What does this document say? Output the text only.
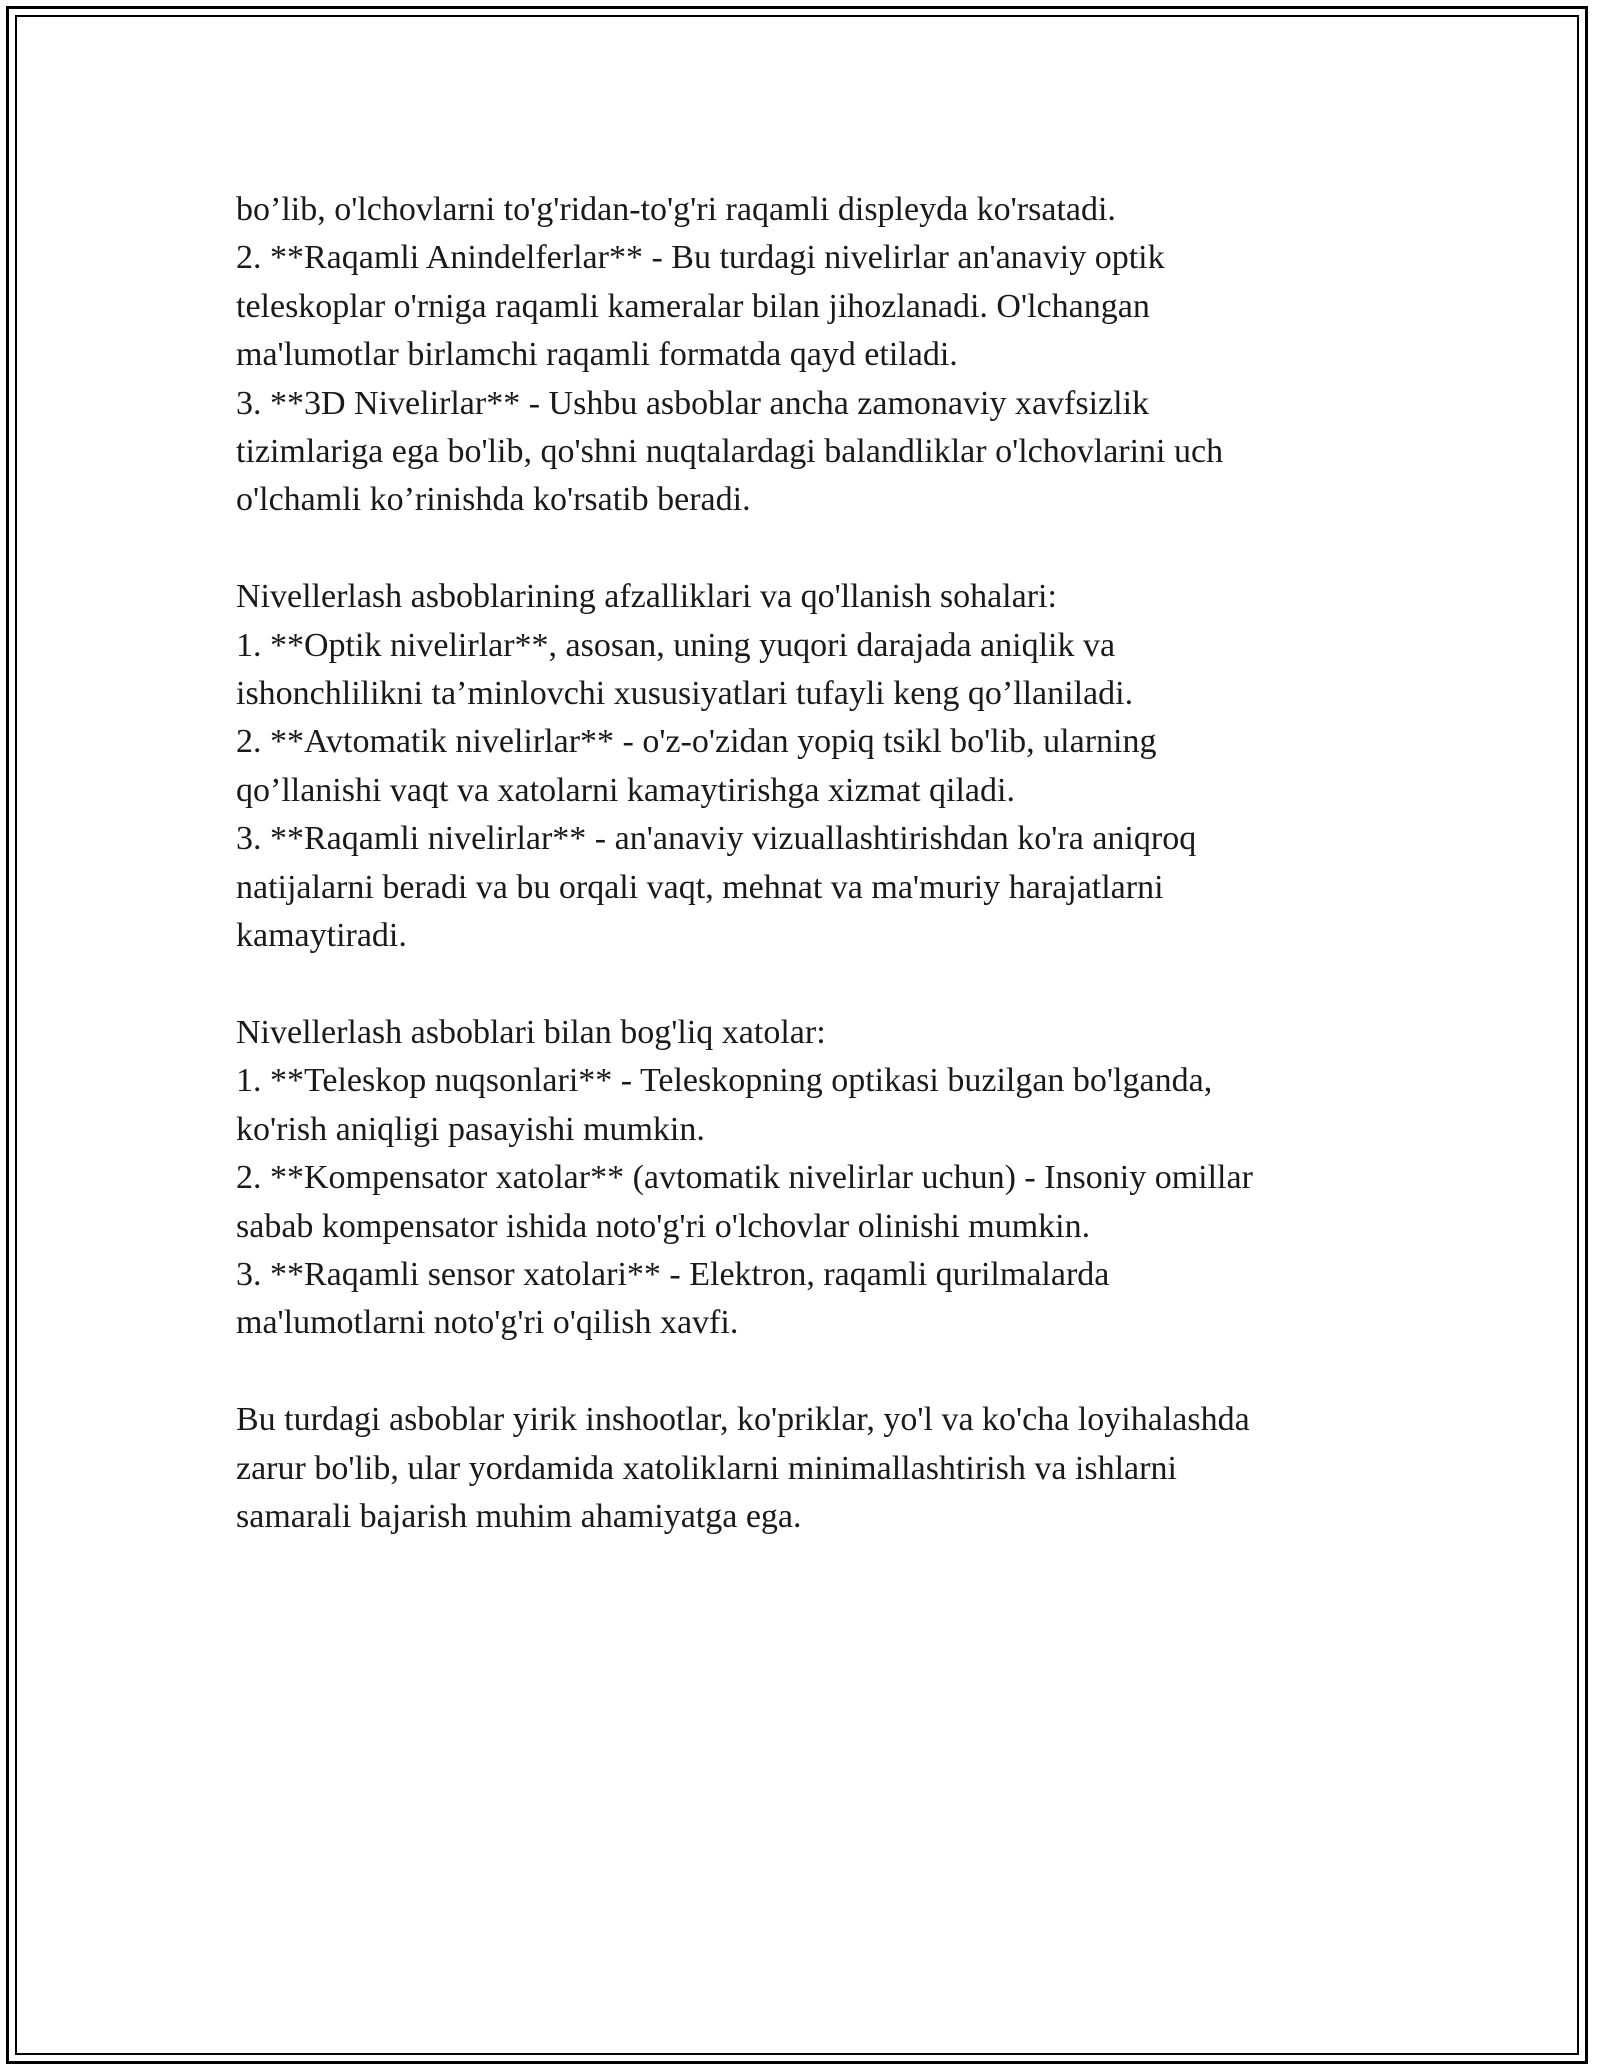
bo’lib, o'lchovlarni to'g'ridan-to'g'ri raqamli displeyda ko'rsatadi.
2. **Raqamli Anindelferlar** - Bu turdagi nivelirlar an'anaviy optik
teleskoplar o'rniga raqamli kameralar bilan jihozlanadi. O'lchangan
ma'lumotlar birlamchi raqamli formatda qayd etiladi.
3. **3D Nivelirlar** - Ushbu asboblar ancha zamonaviy xavfsizlik
tizimlariga ega bo'lib, qo'shni nuqtalardagi balandliklar o'lchovlarini uch
o'lchamli ko’rinishda ko'rsatib beradi.
Nivellerlash asboblarining afzalliklari va qo'llanish sohalari:
1. **Optik nivelirlar**, asosan, uning yuqori darajada aniqlik va
ishonchlilikni ta’minlovchi xususiyatlari tufayli keng qo’llaniladi.
2. **Avtomatik nivelirlar** - o'z-o'zidan yopiq tsikl bo'lib, ularning
qo’llanishi vaqt va xatolarni kamaytirishga xizmat qiladi.
3. **Raqamli nivelirlar** - an'anaviy vizuallashtirishdan ko'ra aniqroq
natijalarni beradi va bu orqali vaqt, mehnat va ma'muriy harajatlarni
kamaytiradi.
Nivellerlash asboblari bilan bog'liq xatolar:
1. **Teleskop nuqsonlari** - Teleskopning optikasi buzilgan bo'lganda,
ko'rish aniqligi pasayishi mumkin.
2. **Kompensator xatolar** (avtomatik nivelirlar uchun) - Insoniy omillar
sabab kompensator ishida noto'g'ri o'lchovlar olinishi mumkin.
3. **Raqamli sensor xatolari** - Elektron, raqamli qurilmalarda
ma'lumotlarni noto'g'ri o'qilish xavfi.
Bu turdagi asboblar yirik inshootlar, ko'priklar, yo'l va ko'cha loyihalashda
zarur bo'lib, ular yordamida xatoliklarni minimallashtirish va ishlarni
samarali bajarish muhim ahamiyatga ega.
